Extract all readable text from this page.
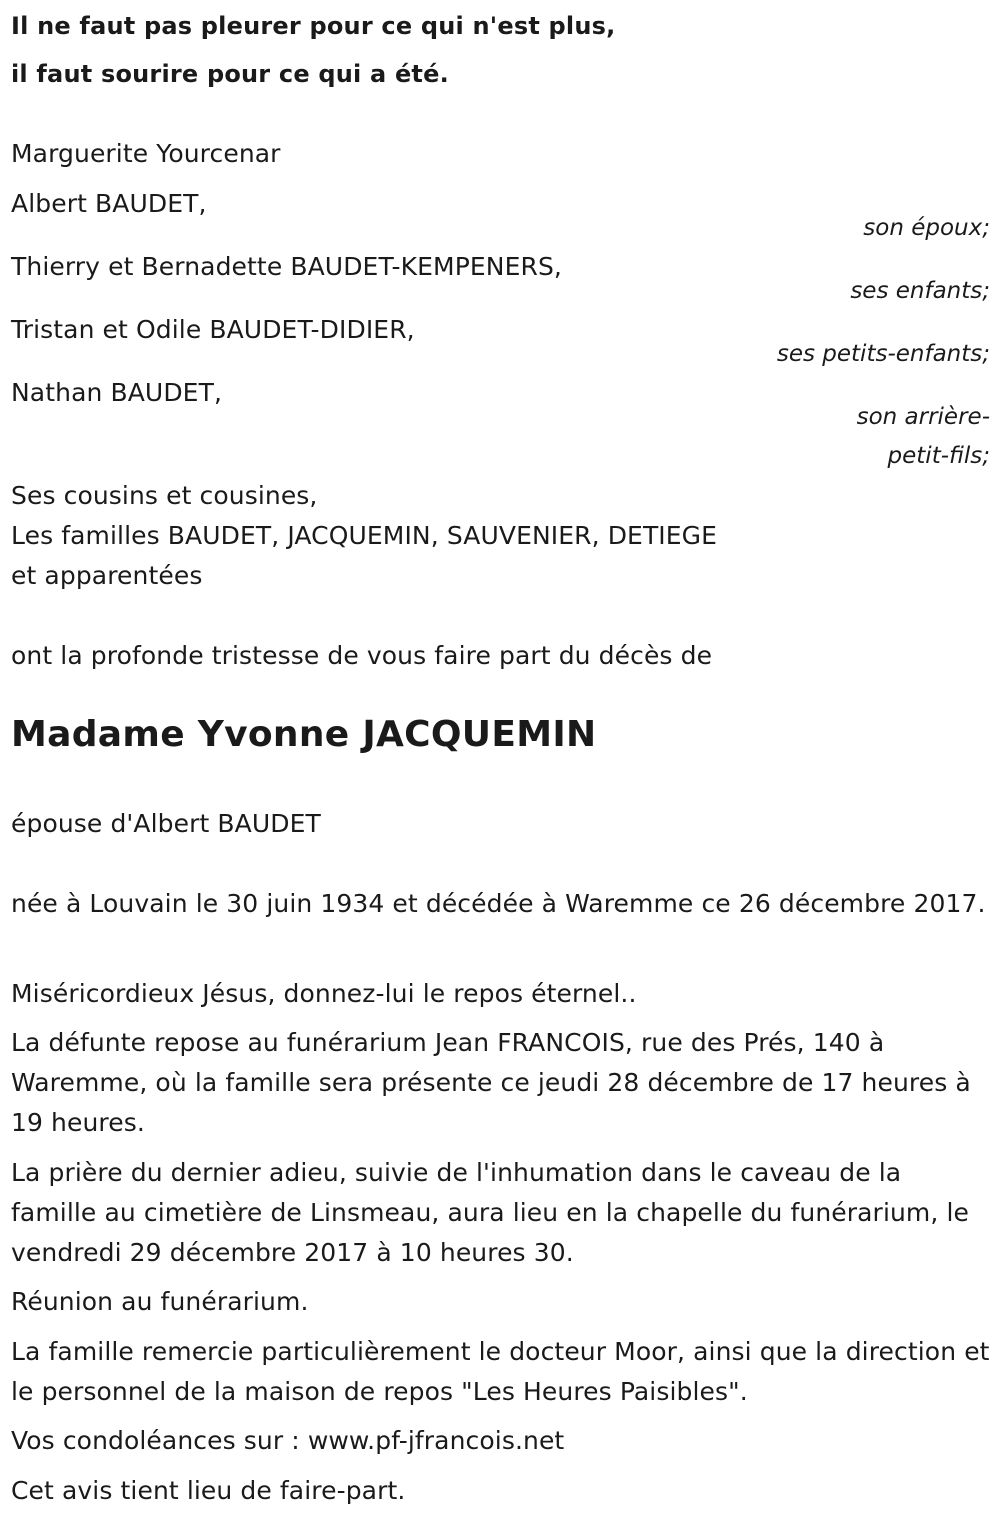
Il ne faut pas pleurer pour ce qui n'est plus,
il faut sourire pour ce qui a été.
Marguerite Yourcenar
Albert BAUDET,
son époux;
Thierry et Bernadette BAUDET-KEMPENERS,
ses enfants;
Tristan et Odile BAUDET-DIDIER,
ses petits-enfants;
Nathan BAUDET,
son arrière-
petit-fils;
Ses cousins et cousines,
Les familles BAUDET, JACQUEMIN, SAUVENIER, DETIEGE
et apparentées
ont la profonde tristesse de vous faire part du décès de
Madame Yvonne JACQUEMIN
épouse d'Albert BAUDET
née à Louvain le 30 juin 1934 et décédée à Waremme ce 26 décembre 2017.
Miséricordieux Jésus, donnez-lui le repos éternel..
La défunte repose au funérarium Jean FRANCOIS, rue des Prés, 140 à Waremme, où la famille sera présente ce jeudi 28 décembre de 17 heures à 19 heures.
La prière du dernier adieu, suivie de l'inhumation dans le caveau de la famille au cimetière de Linsmeau, aura lieu en la chapelle du funérarium, le vendredi 29 décembre 2017 à 10 heures 30.
Réunion au funérarium.
La famille remercie particulièrement le docteur Moor, ainsi que la direction et le personnel de la maison de repos "Les Heures Paisibles".
Vos condoléances sur : www.pf-jfrancois.net
Cet avis tient lieu de faire-part.
